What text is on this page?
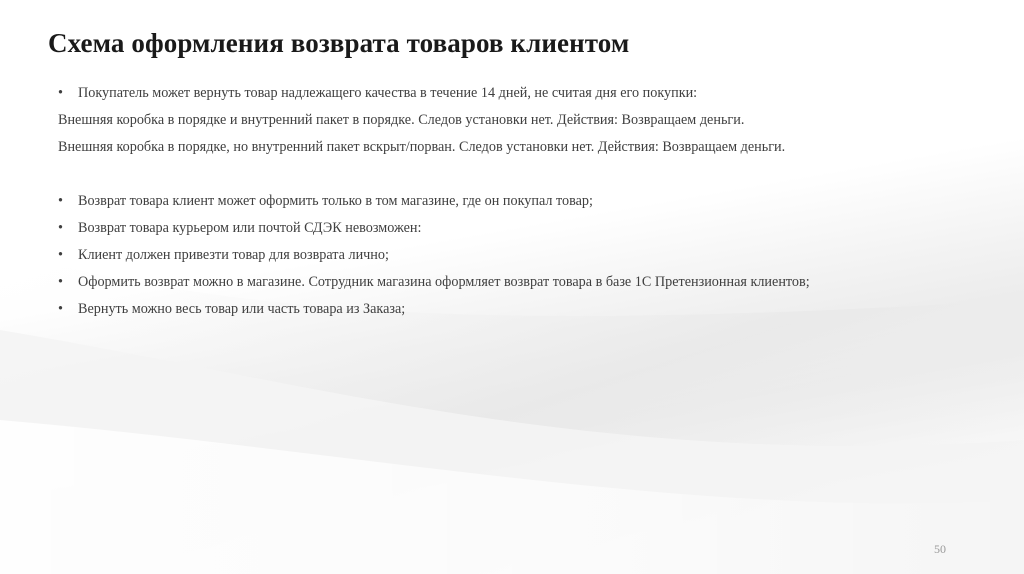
Схема оформления возврата товаров клиентом
•	Покупатель может вернуть товар надлежащего качества в течение 14 дней, не считая дня его покупки:
Внешняя коробка в порядке и внутренний пакет в порядке. Следов установки нет. Действия: Возвращаем деньги.
Внешняя коробка в порядке, но внутренний пакет вскрыт/порван. Следов установки нет. Действия: Возвращаем деньги.
•	Возврат товара клиент может оформить только в том магазине, где он покупал товар;
•	Возврат товара курьером или почтой СДЭК невозможен:
•	Клиент должен привезти товар для возврата лично;
•	Оформить возврат можно в магазине. Сотрудник магазина оформляет возврат товара в базе 1С Претензионная клиентов;
•	Вернуть можно весь товар или часть товара из Заказа;
50
